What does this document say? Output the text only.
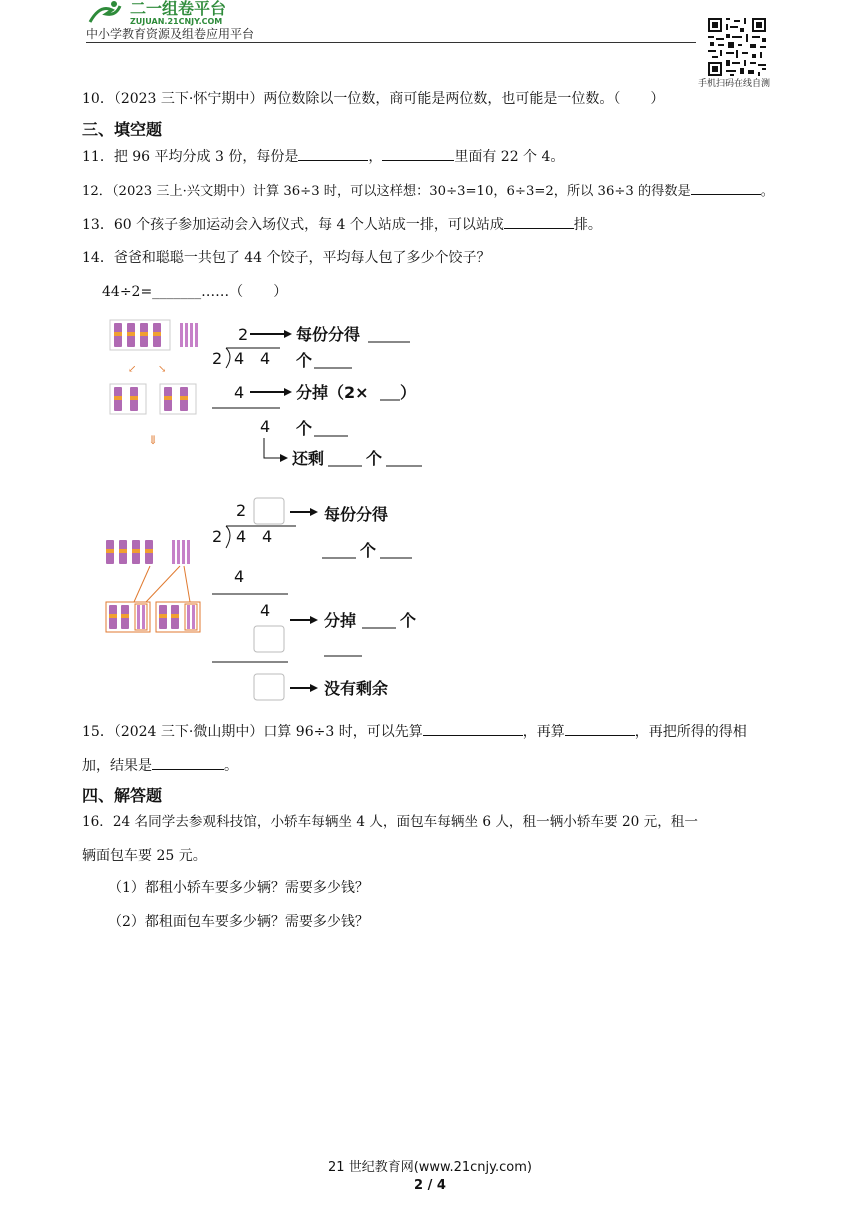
二一组卷平台
ZUJUAN.21CNJY.COM
中小学教育资源及组卷应用平台
手机扫码在线自测
10．（2023 三下·怀宁期中）两位数除以一位数，商可能是两位数，也可能是一位数。（ ）
三、填空题
11．把 96 平均分成 3 份，每份是	，	里面有 22 个 4。
12．（2023 三上·兴文期中）计算 36÷3 时，可以这样想：30÷3=10，6÷3=2，所以 36÷3 的得数是	。
13．60 个孩子参加运动会入场仪式，每 4 个人站成一排，可以站成	排。
14．爸爸和聪聪一共包了 44 个饺子，平均每人包了多少个饺子？
44÷2=_______……（ ）
↙ ↘
⇓
2
2 4 4
4
4
每份分得
个
分掉（2× ）
个
还剩	个
2
2 4 4
4
4
每份分得
个
分掉	个
没有剩余
15．（2024 三下·微山期中）口算 96÷3 时，可以先算	，再算	，再把所得的得相
加，结果是	。
四、解答题
16．24 名同学去参观科技馆，小轿车每辆坐 4 人，面包车每辆坐 6 人，租一辆小轿车要 20 元，租一
辆面包车要 25 元。
（1）都租小轿车要多少辆？需要多少钱？
（2）都租面包车要多少辆？需要多少钱？
21 世纪教育网(www.21cnjy.com)
2 / 4
